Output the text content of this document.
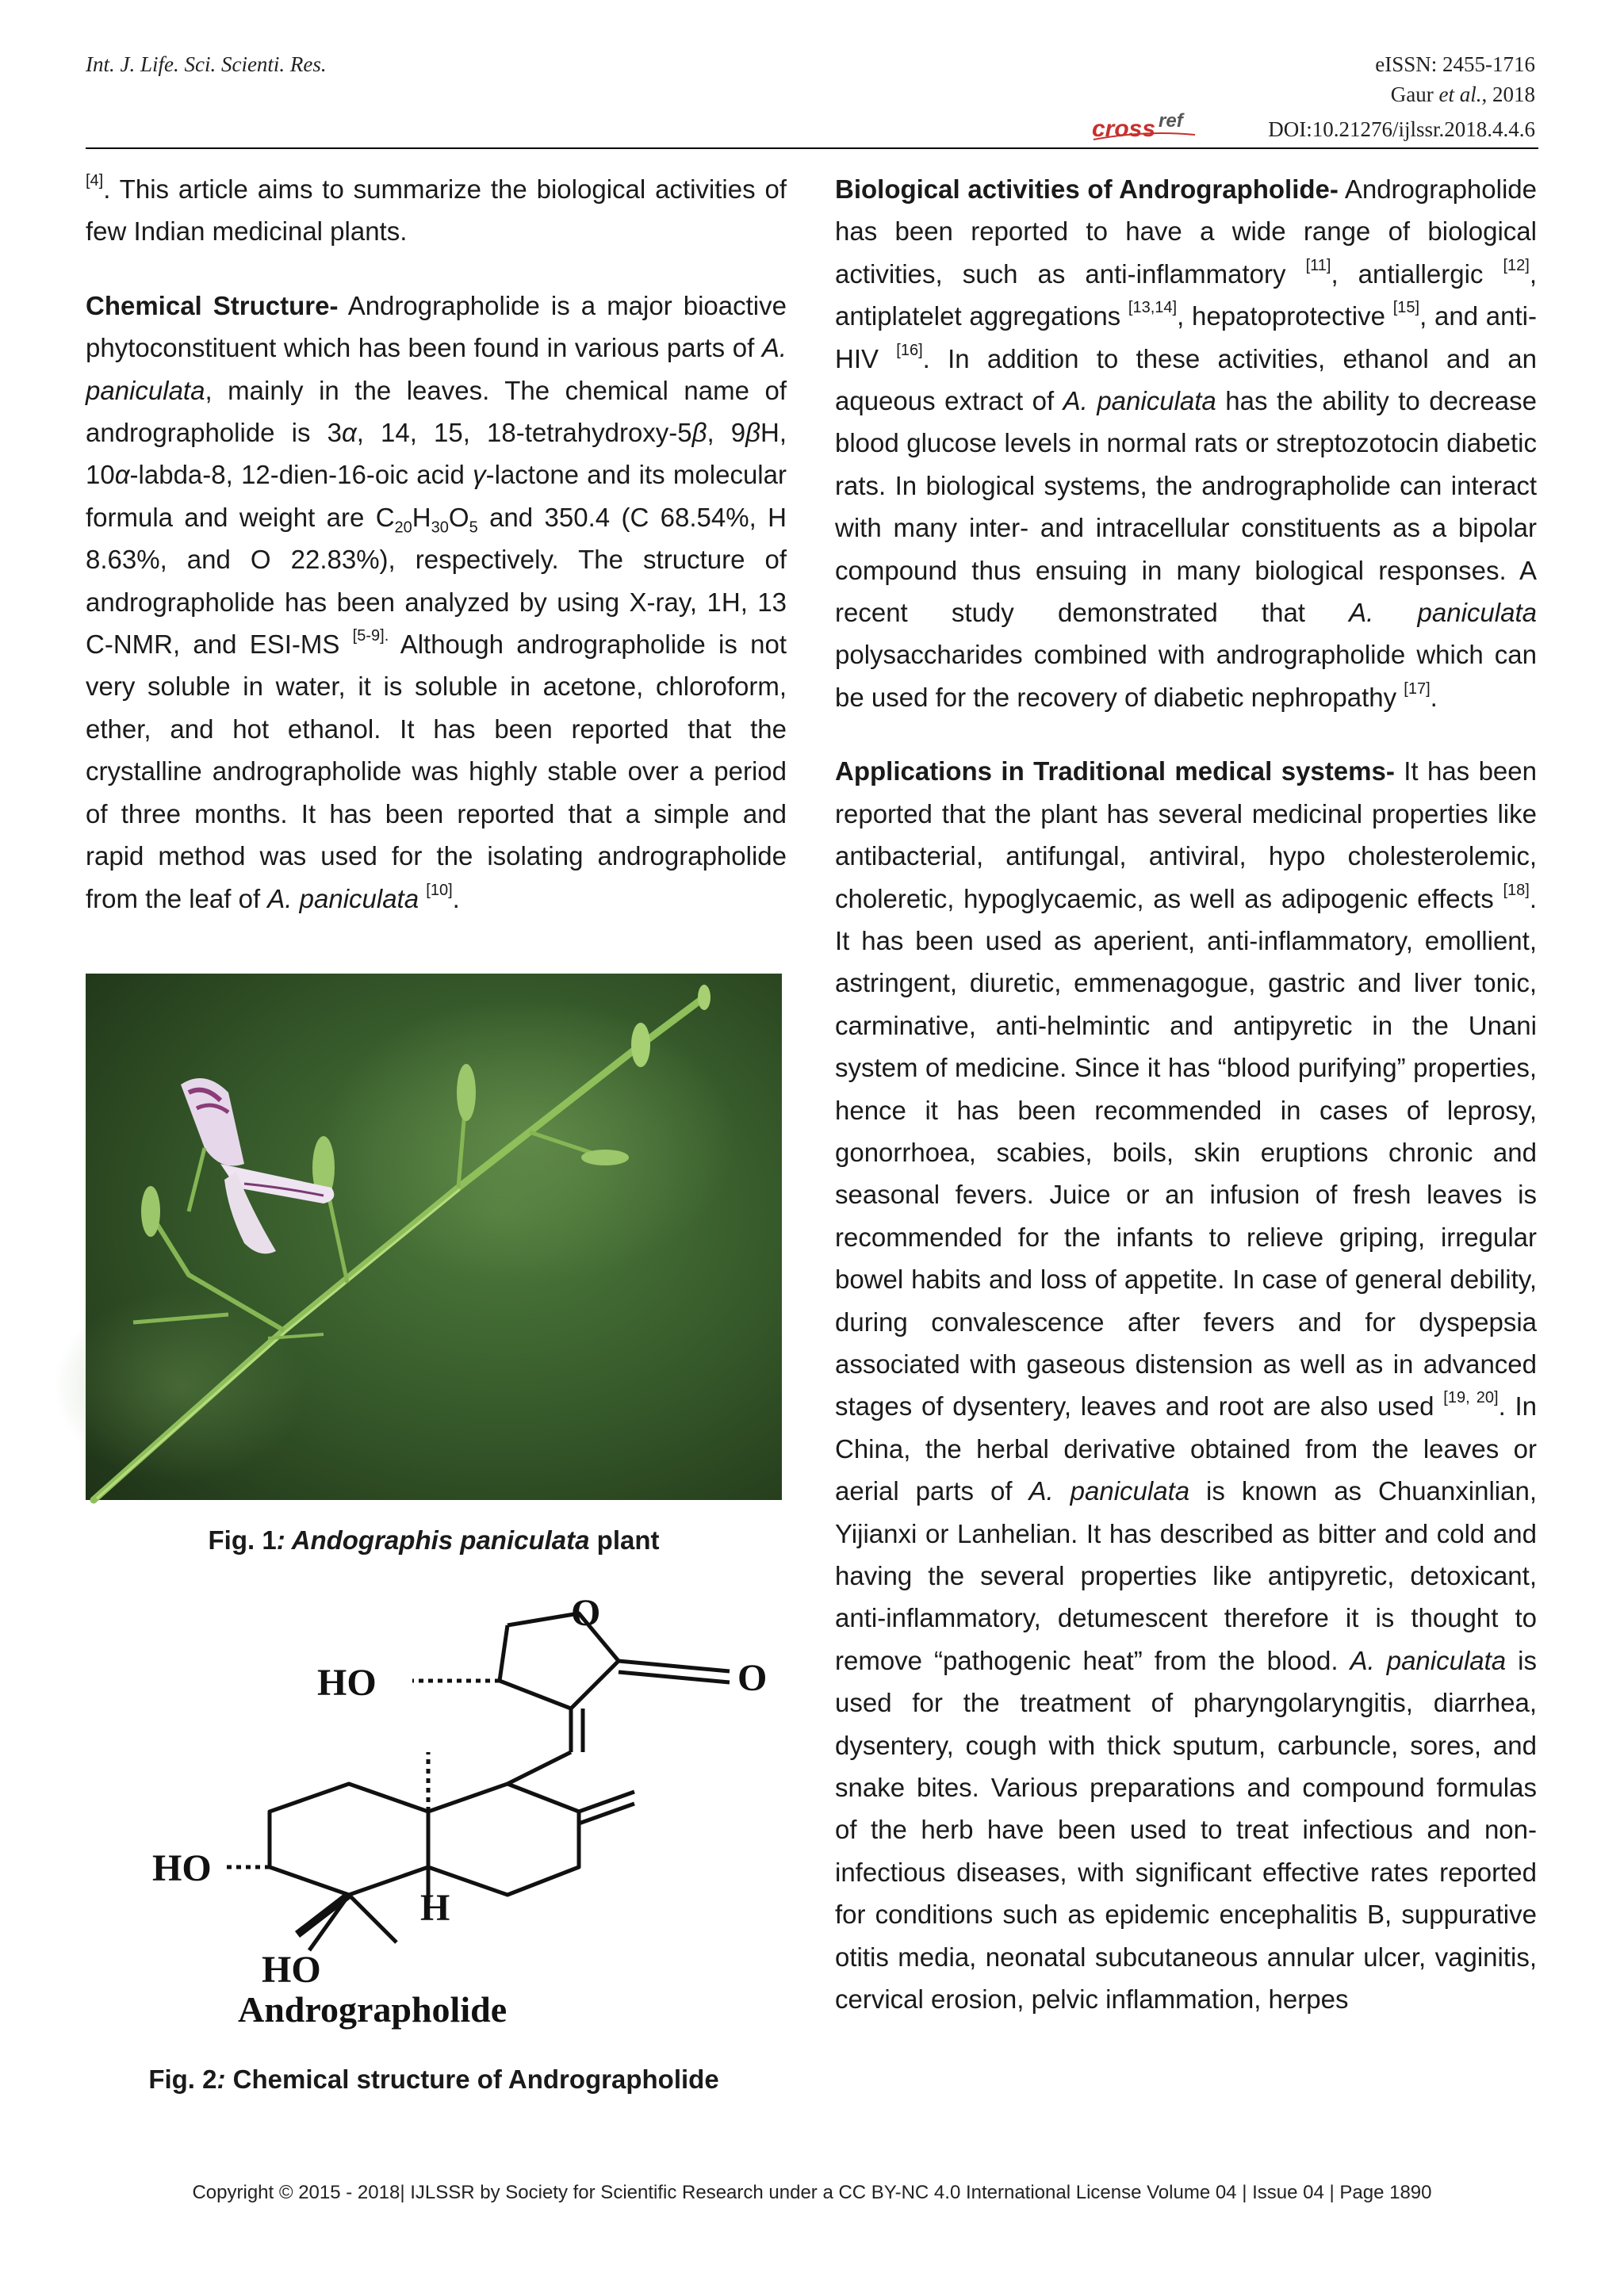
Int. J. Life. Sci. Scienti. Res.	eISSN: 2455-1716
Gaur et al., 2018
cross ref	DOI:10.21276/ijlssr.2018.4.4.6

[4]. This article aims to summarize the biological activities of few Indian medicinal plants.

Chemical Structure- Andrographolide is a major bioactive phytoconstituent which has been found in various parts of A. paniculata, mainly in the leaves. The chemical name of andrographolide is 3α, 14, 15, 18-tetrahydroxy-5β, 9βH, 10α-labda-8, 12-dien-16-oic acid γ-lactone and its molecular formula and weight are $C_{20}H_{30}O_5$ and 350.4 (C 68.54%, H 8.63%, and O 22.83%), respectively. The structure of andrographolide has been analyzed by using X-ray, 1H, 13 C-NMR, and ESI-MS $^{[5-9].}$ Although andrographolide is not very soluble in water, it is soluble in acetone, chloroform, ether, and hot ethanol. It has been reported that the crystalline andrographolide was highly stable over a period of three months. It has been reported that a simple and rapid method was used for the isolating andrographolide from the leaf of A. paniculata [10].

Fig. 1: Andographis paniculata plant
O
O
HO
HO
H
HO
Andrographolide
Fig. 2: Chemical structure of Andrographolide

Biological activities of Andrographolide- Andrographolide has been reported to have a wide range of biological activities, such as anti-inflammatory [11], antiallergic [12], antiplatelet aggregations [13,14], hepatoprotective [15], and anti-HIV [16]. In addition to these activities, ethanol and an aqueous extract of A. paniculata has the ability to decrease blood glucose levels in normal rats or streptozotocin diabetic rats. In biological systems, the andrographolide can interact with many inter- and intracellular constituents as a bipolar compound thus ensuing in many biological responses. A recent study demonstrated that A. paniculata polysaccharides combined with andrographolide which can be used for the recovery of diabetic nephropathy [17].

Applications in Traditional medical systems- It has been reported that the plant has several medicinal properties like antibacterial, antifungal, antiviral, hypo cholesterolemic, choleretic, hypoglycaemic, as well as adipogenic effects [18]. It has been used as aperient, anti-inflammatory, emollient, astringent, diuretic, emmenagogue, gastric and liver tonic, carminative, anti-helmintic and antipyretic in the Unani system of medicine. Since it has “blood purifying” properties, hence it has been recommended in cases of leprosy, gonorrhoea, scabies, boils, skin eruptions chronic and seasonal fevers. Juice or an infusion of fresh leaves is recommended for the infants to relieve griping, irregular bowel habits and loss of appetite. In case of general debility, during convalescence after fevers and for dyspepsia associated with gaseous distension as well as in advanced stages of dysentery, leaves and root are also used [19, 20]. In China, the herbal derivative obtained from the leaves or aerial parts of A. paniculata is known as Chuanxinlian, Yijianxi or Lanhelian. It has described as bitter and cold and having the several properties like antipyretic, detoxicant, anti-inflammatory, detumescent therefore it is thought to remove “pathogenic heat” from the blood. A. paniculata is used for the treatment of pharyngolaryngitis, diarrhea, dysentery, cough with thick sputum, carbuncle, sores, and snake bites. Various preparations and compound formulas of the herb have been used to treat infectious and non-infectious diseases, with significant effective rates reported for conditions such as epidemic encephalitis B, suppurative otitis media, neonatal subcutaneous annular ulcer, vaginitis, cervical erosion, pelvic inflammation, herpes

Copyright © 2015 - 2018| IJLSSR by Society for Scientific Research under a CC BY-NC 4.0 International License Volume 04 | Issue 04 | Page 1890
